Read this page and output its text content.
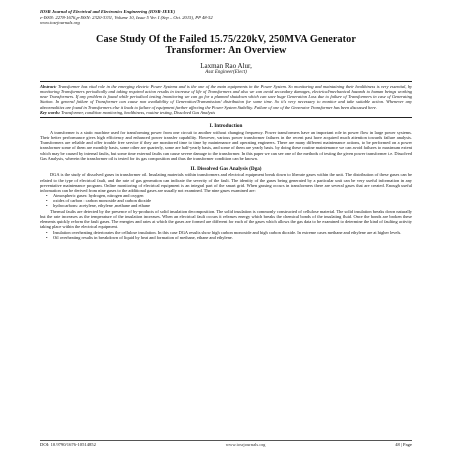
IOSR Journal of Electrical and Electronics Engineering (IOSR-JEEE)
e-ISSN: 2278-1676,p-ISSN: 2320-3331, Volume 10, Issue 5 Ver. I (Sep – Oct. 2015), PP 48-52
www.iosrjournals.org
Case Study Of the Failed 15.75/220kV, 250MVA Generator
Transformer: An Overview
Laxman Rao Alur,
Asst Engineer(Elect)
Abstract: Transformer has vital role in the emerging electric Power Systems and is the one of the main equipments in the Power System. So monitoring and maintaining their healthiness is very essential, by monitoring Transformers periodically and taking required action results in increase of life of Transformers and also we can avoid secondary damages, electrical/mechanical hazards to human beings working near Transformers. If any problem is found while periodical testing /monitoring we can go for a planned shutdown which can save huge Generation Loss due to failure of Transformers in case of Generating Station. In general failure of Transformer can cause non availability of Generation/Transmission/ distribution for some time. So it’s very necessary to monitor and take suitable action. Whenever any abnormalities are found in Transformers else it leads to failure of equipment further affecting the Power System Stability. Failure of one of the Generator Transformer has been discussed here.
Key words: Transformer, condition monitoring, healthiness, routine testing, Dissolved Gas Analysis
I. Introduction

A transformer is a static machine used for transforming power from one circuit to another without changing frequency. Power transformers have an important role in power flow in large power systems. Their better performance gives high efficiency and enhanced power transfer capability. However, various power transformer failures in the recent past have acquired much attention towards failure analysis. Transformers are reliable and offer trouble free service if they are monitored time to time by maintenance and operating engineers. There are many different maintenance actions, to be performed on a power transformer some of them are monthly basis, some other are quarterly, some are half-yearly basis, and some of them are yearly basis. by doing these routine maintenance we can avoid failures to maximum extent which may be caused by internal faults, but some time external faults can cause severe damage to the transformer. In this paper we can see one of the methods of testing the given power transformer i.e. Dissolved Gas Analysis, wherein the transformer oil is tested for its gas composition and thus the transformer condition can be known.

II. Dissolved Gas Analysis (Dga)

DGA is the study of dissolved gases in transformer oil. Insulating materials within transformers and electrical equipment break down to liberate gases within the unit. The distribution of these gases can be related to the type of electrical fault, and the rate of gas generation can indicate the severity of the fault. The identity of the gases being generated by a particular unit can be very useful information in any preventative maintenance program. Online monitoring of electrical equipment is an integral part of the smart grid. When gassing occurs in transformers there are several gases that are created. Enough useful information can be derived from nine gases to the additional gases are usually not examined. The nine gases examined are:

• Atmospheric gases: hydrogen, nitrogen and oxygen
• oxides of carbon : carbon monoxide and carbon dioxide
• hydrocarbons: acetylene, ethylene ,methane and ethane

Thermal faults are detected by the presence of by-products of solid insulation decomposition. The solid insulation is commonly constructed of cellulose material. The solid insulation breaks down naturally but the rate increases as the temperature of the insulation increases. When an electrical fault occurs it releases energy which breaks the chemical bonds of the insulating fluid. Once the bonds are broken these elements quickly reform the fault gases. The energies and rates at which the gases are formed are different for each of the gases which allows the gas data to be examined to determine the kind of faulting activity taking place within the electrical equipment.

• Insulation overheating deteriorates the cellulose insulation. In this case DGA results show high carbon monoxide and high carbon dioxide. In extreme cases methane and ethylene are at higher levels.
• Oil overheating results in breakdown of liquid by heat and formation of methane, ethane and ethylene.
DOI: 10.9790/1676-10514852	www.iosrjournals.org	48 | Page
